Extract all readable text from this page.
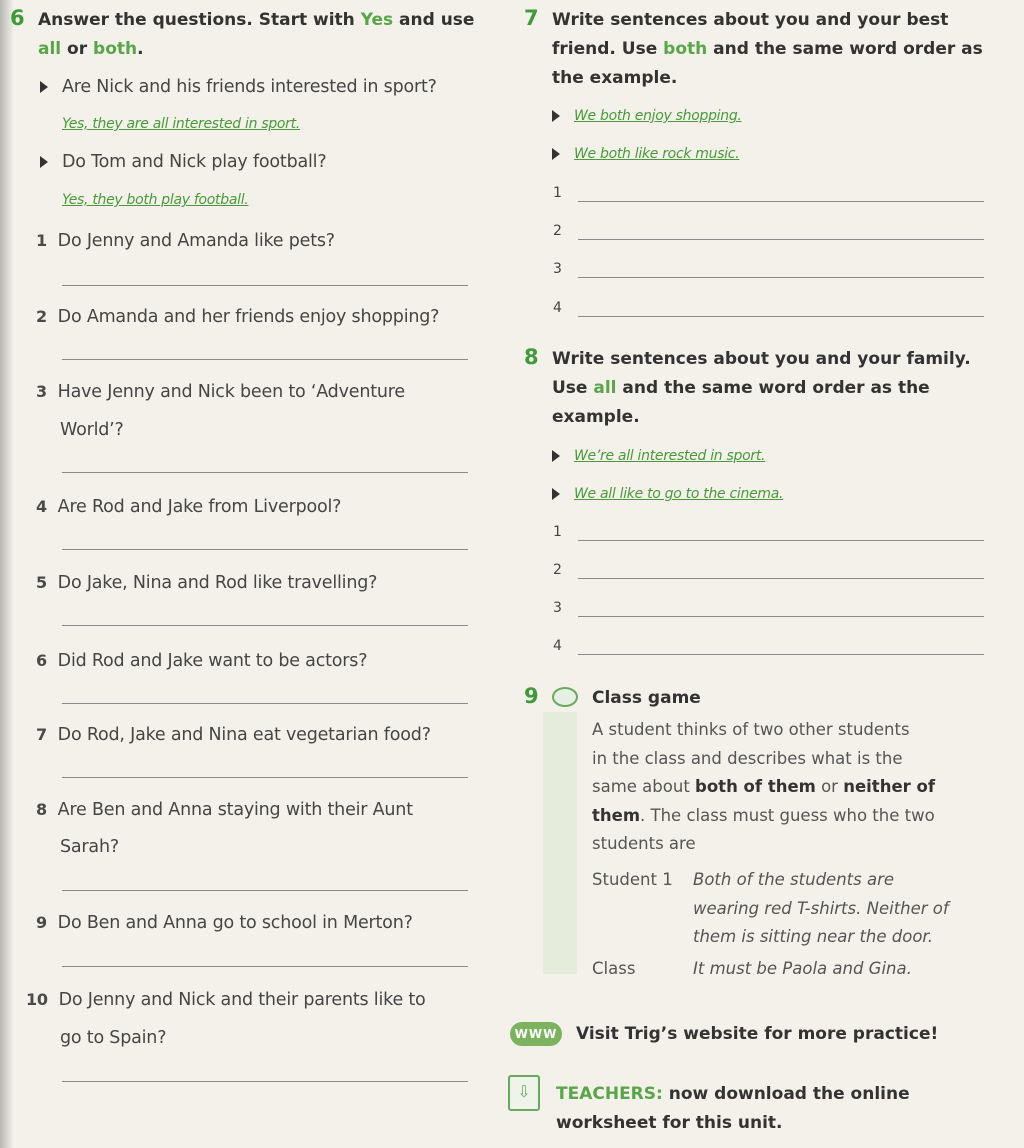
6 Answer the questions. Start with Yes and use
all or both.
Are Nick and his friends interested in sport?
Yes, they are all interested in sport.
Do Tom and Nick play football?
Yes, they both play football.
1 Do Jenny and Amanda like pets?
2 Do Amanda and her friends enjoy shopping?
3 Have Jenny and Nick been to ‘Adventure
World’?
4 Are Rod and Jake from Liverpool?
5 Do Jake, Nina and Rod like travelling?
6 Did Rod and Jake want to be actors?
7 Do Rod, Jake and Nina eat vegetarian food?
8 Are Ben and Anna staying with their Aunt
Sarah?
9 Do Ben and Anna go to school in Merton?
10 Do Jenny and Nick and their parents like to
go to Spain?
7 Write sentences about you and your best
friend. Use both and the same word order as
the example.
We both enjoy shopping.
We both like rock music.
1
2
3
4
8 Write sentences about you and your family.
Use all and the same word order as the
example.
We’re all interested in sport.
We all like to go to the cinema.
1
2
3
4
9	Class game
A student thinks of two other students
in the class and describes what is the
same about both of them or neither of
them. The class must guess who the two
students are
Student 1 Both of the students are
wearing red T-shirts. Neither of
them is sitting near the door.
Class	It must be Paola and Gina.
WWW Visit Trig’s website for more practice!
⇩	TEACHERS: now download the online
worksheet for this unit.
